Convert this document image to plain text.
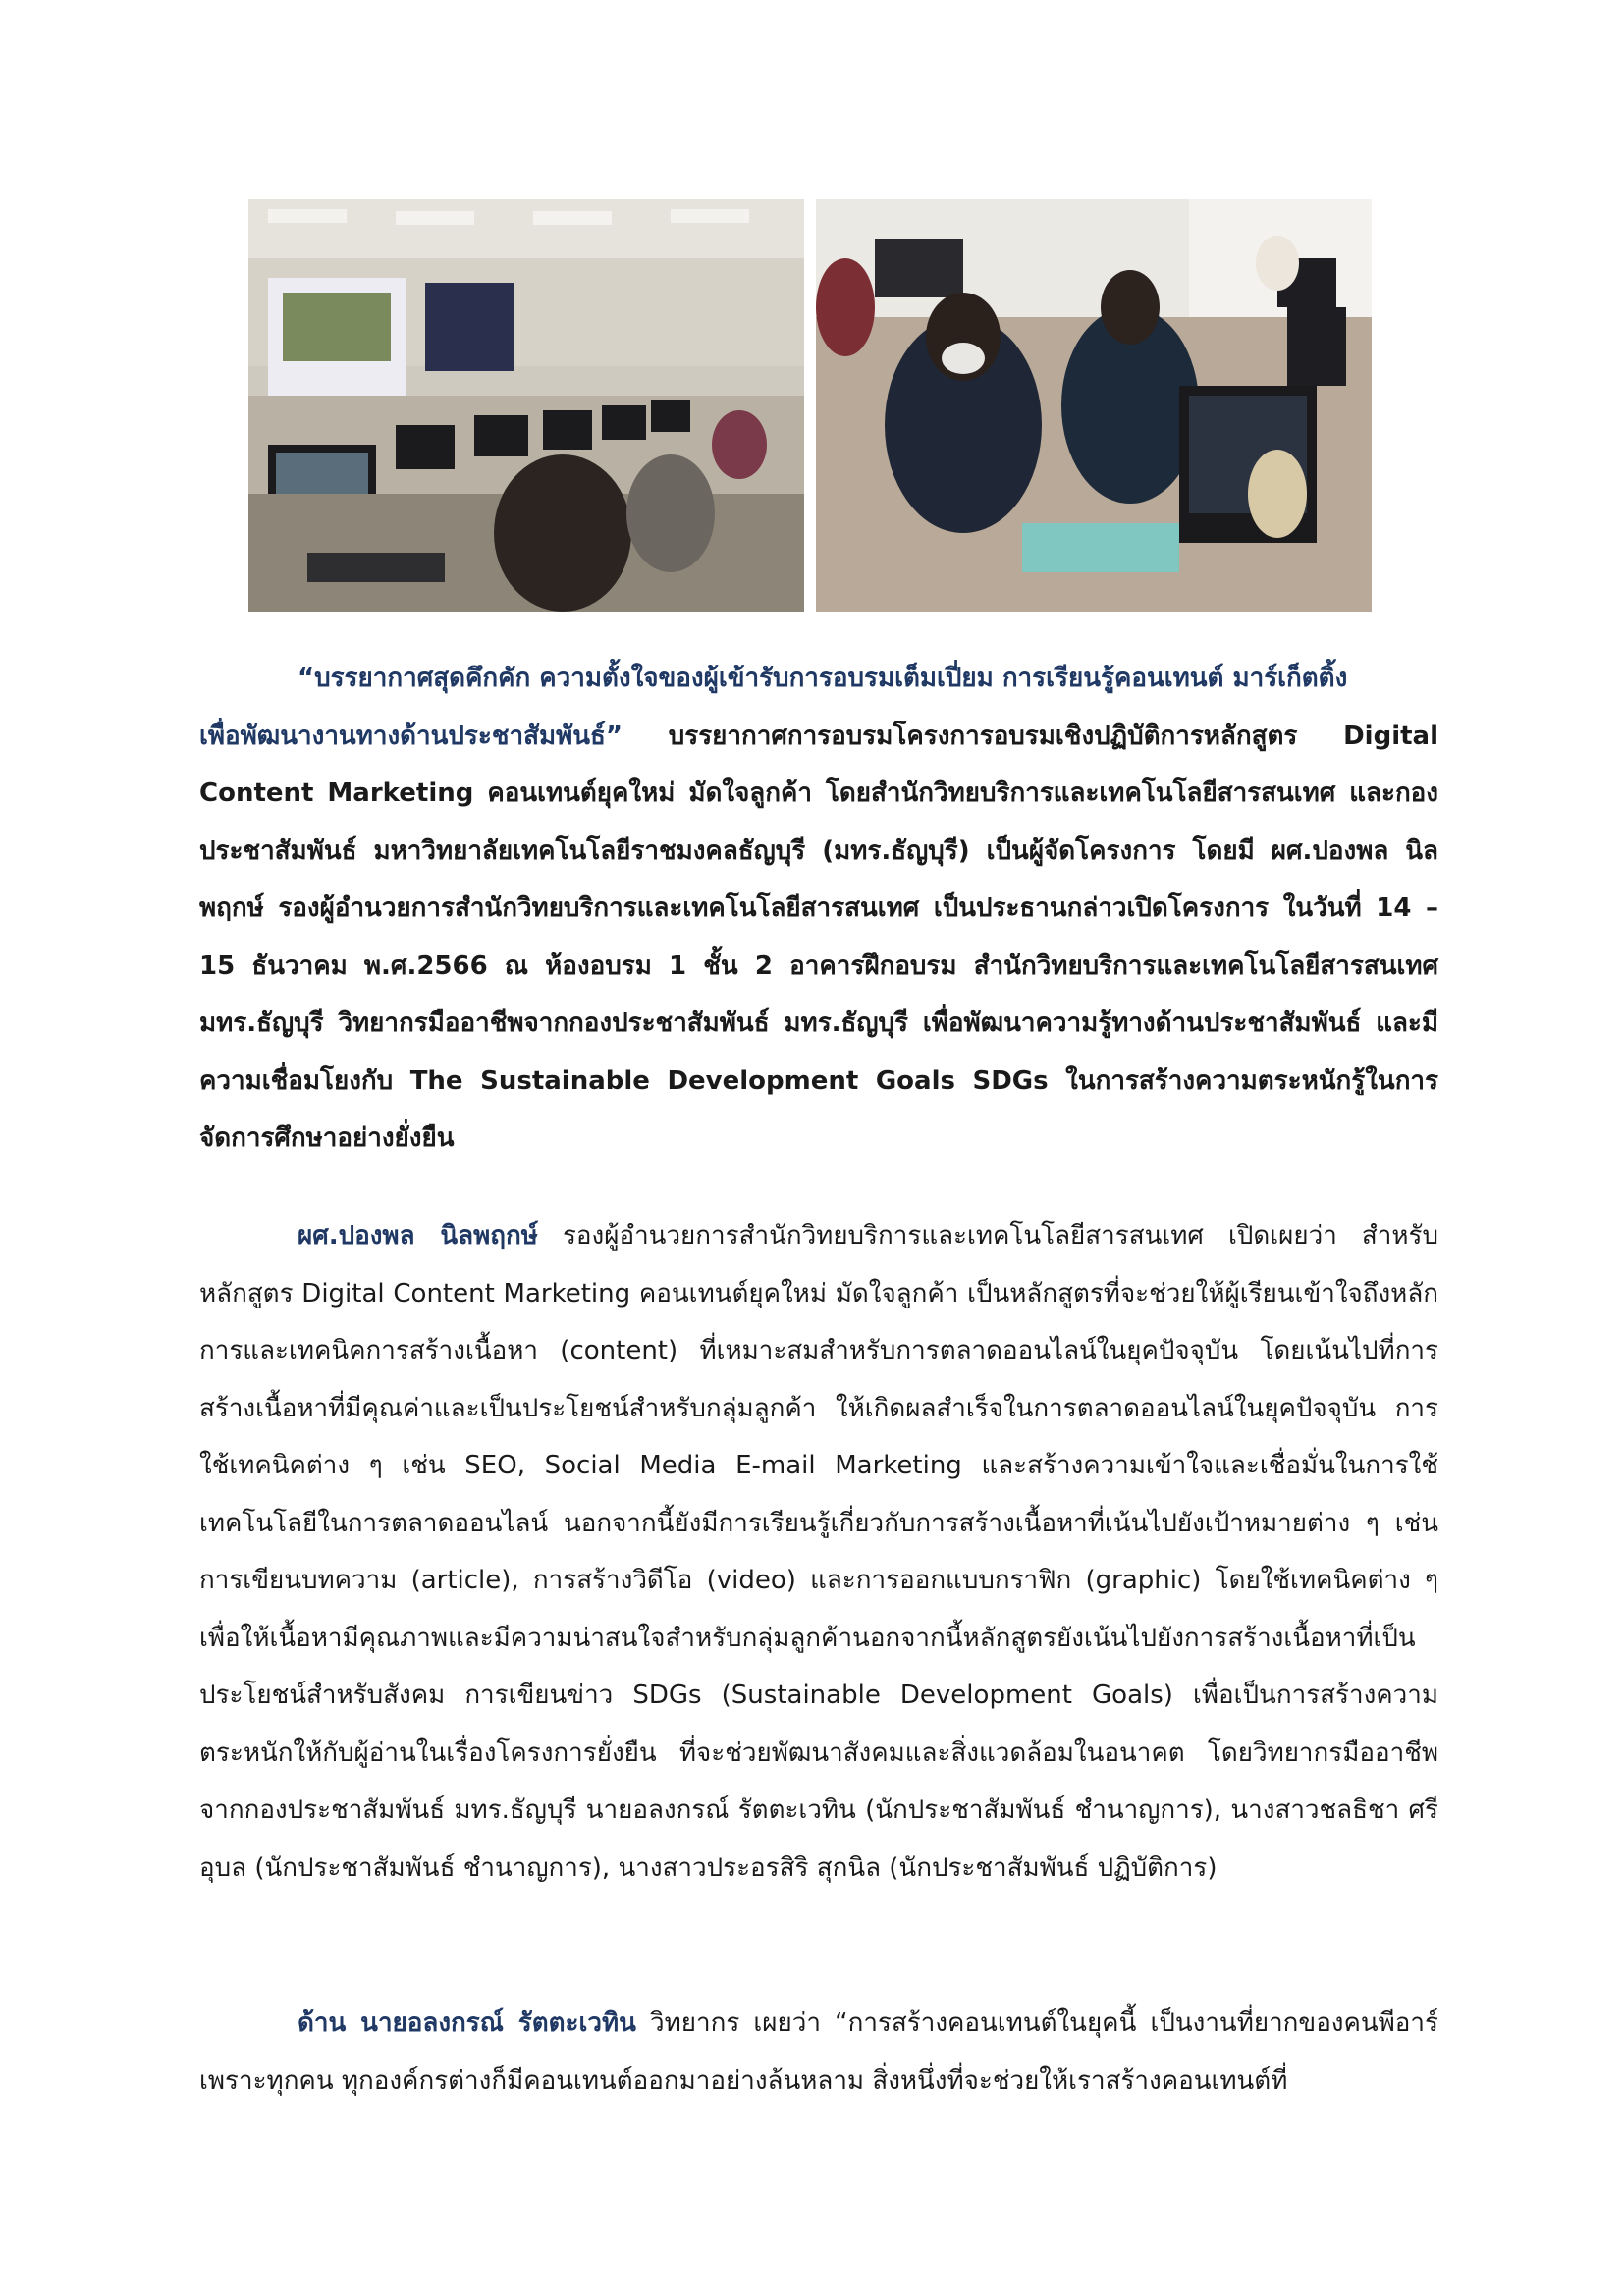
“บรรยากาศสุดคึกคัก ความตั้งใจของผู้เข้ารับการอบรมเต็มเปี่ยม การเรียนรู้คอนเทนต์ มาร์เก็ตติ้ง
เพื่อพัฒนางานทางด้านประชาสัมพันธ์” บรรยากาศการอบรมโครงการอบรมเชิงปฏิบัติการหลักสูตร Digital Content Marketing คอนเทนต์ยุคใหม่ มัดใจลูกค้า โดยสำนักวิทยบริการและเทคโนโลยีสารสนเทศ และกองประชาสัมพันธ์ มหาวิทยาลัยเทคโนโลยีราชมงคลธัญบุรี (มทร.ธัญบุรี) เป็นผู้จัดโครงการ โดยมี ผศ.ปองพล นิลพฤกษ์ รองผู้อำนวยการสำนักวิทยบริการและเทคโนโลยีสารสนเทศ เป็นประธานกล่าวเปิดโครงการ ในวันที่ 14 – 15 ธันวาคม พ.ศ.2566 ณ ห้องอบรม 1 ชั้น 2 อาคารฝึกอบรม สำนักวิทยบริการและเทคโนโลยีสารสนเทศ มทร.ธัญบุรี วิทยากรมืออาชีพจากกองประชาสัมพันธ์ มทร.ธัญบุรี เพื่อพัฒนาความรู้ทางด้านประชาสัมพันธ์ และมีความเชื่อมโยงกับ The Sustainable Development Goals SDGs ในการสร้างความตระหนักรู้ในการจัดการศึกษาอย่างยั่งยืน

ผศ.ปองพล นิลพฤกษ์ รองผู้อำนวยการสำนักวิทยบริการและเทคโนโลยีสารสนเทศ เปิดเผยว่า สำหรับหลักสูตร Digital Content Marketing คอนเทนต์ยุคใหม่ มัดใจลูกค้า เป็นหลักสูตรที่จะช่วยให้ผู้เรียนเข้าใจถึงหลักการและเทคนิคการสร้างเนื้อหา (content) ที่เหมาะสมสำหรับการตลาดออนไลน์ในยุคปัจจุบัน โดยเน้นไปที่การสร้างเนื้อหาที่มีคุณค่าและเป็นประโยชน์สำหรับกลุ่มลูกค้า ให้เกิดผลสำเร็จในการตลาดออนไลน์ในยุคปัจจุบัน การใช้เทคนิคต่าง ๆ เช่น SEO, Social Media E-mail Marketing และสร้างความเข้าใจและเชื่อมั่นในการใช้เทคโนโลยีในการตลาดออนไลน์ นอกจากนี้ยังมีการเรียนรู้เกี่ยวกับการสร้างเนื้อหาที่เน้นไปยังเป้าหมายต่าง ๆ เช่น การเขียนบทความ (article), การสร้างวิดีโอ (video) และการออกแบบกราฟิก (graphic) โดยใช้เทคนิคต่าง ๆ เพื่อให้เนื้อหามีคุณภาพและมีความน่าสนใจสำหรับกลุ่มลูกค้านอกจากนี้หลักสูตรยังเน้นไปยังการสร้างเนื้อหาที่เป็นประโยชน์สำหรับสังคม การเขียนข่าว SDGs (Sustainable Development Goals) เพื่อเป็นการสร้างความตระหนักให้กับผู้อ่านในเรื่องโครงการยั่งยืน ที่จะช่วยพัฒนาสังคมและสิ่งแวดล้อมในอนาคต โดยวิทยากรมืออาชีพจากกองประชาสัมพันธ์ มทร.ธัญบุรี นายอลงกรณ์ รัตตะเวทิน (นักประชาสัมพันธ์ ชำนาญการ), นางสาวชลธิชา ศรีอุบล (นักประชาสัมพันธ์ ชำนาญการ), นางสาวประอรสิริ สุกนิล (นักประชาสัมพันธ์ ปฏิบัติการ)

ด้าน นายอลงกรณ์ รัตตะเวทิน วิทยากร เผยว่า “การสร้างคอนเทนต์ในยุคนี้ เป็นงานที่ยากของคนพีอาร์ เพราะทุกคน ทุกองค์กรต่างก็มีคอนเทนต์ออกมาอย่างล้นหลาม สิ่งหนึ่งที่จะช่วยให้เราสร้างคอนเทนต์ที่
